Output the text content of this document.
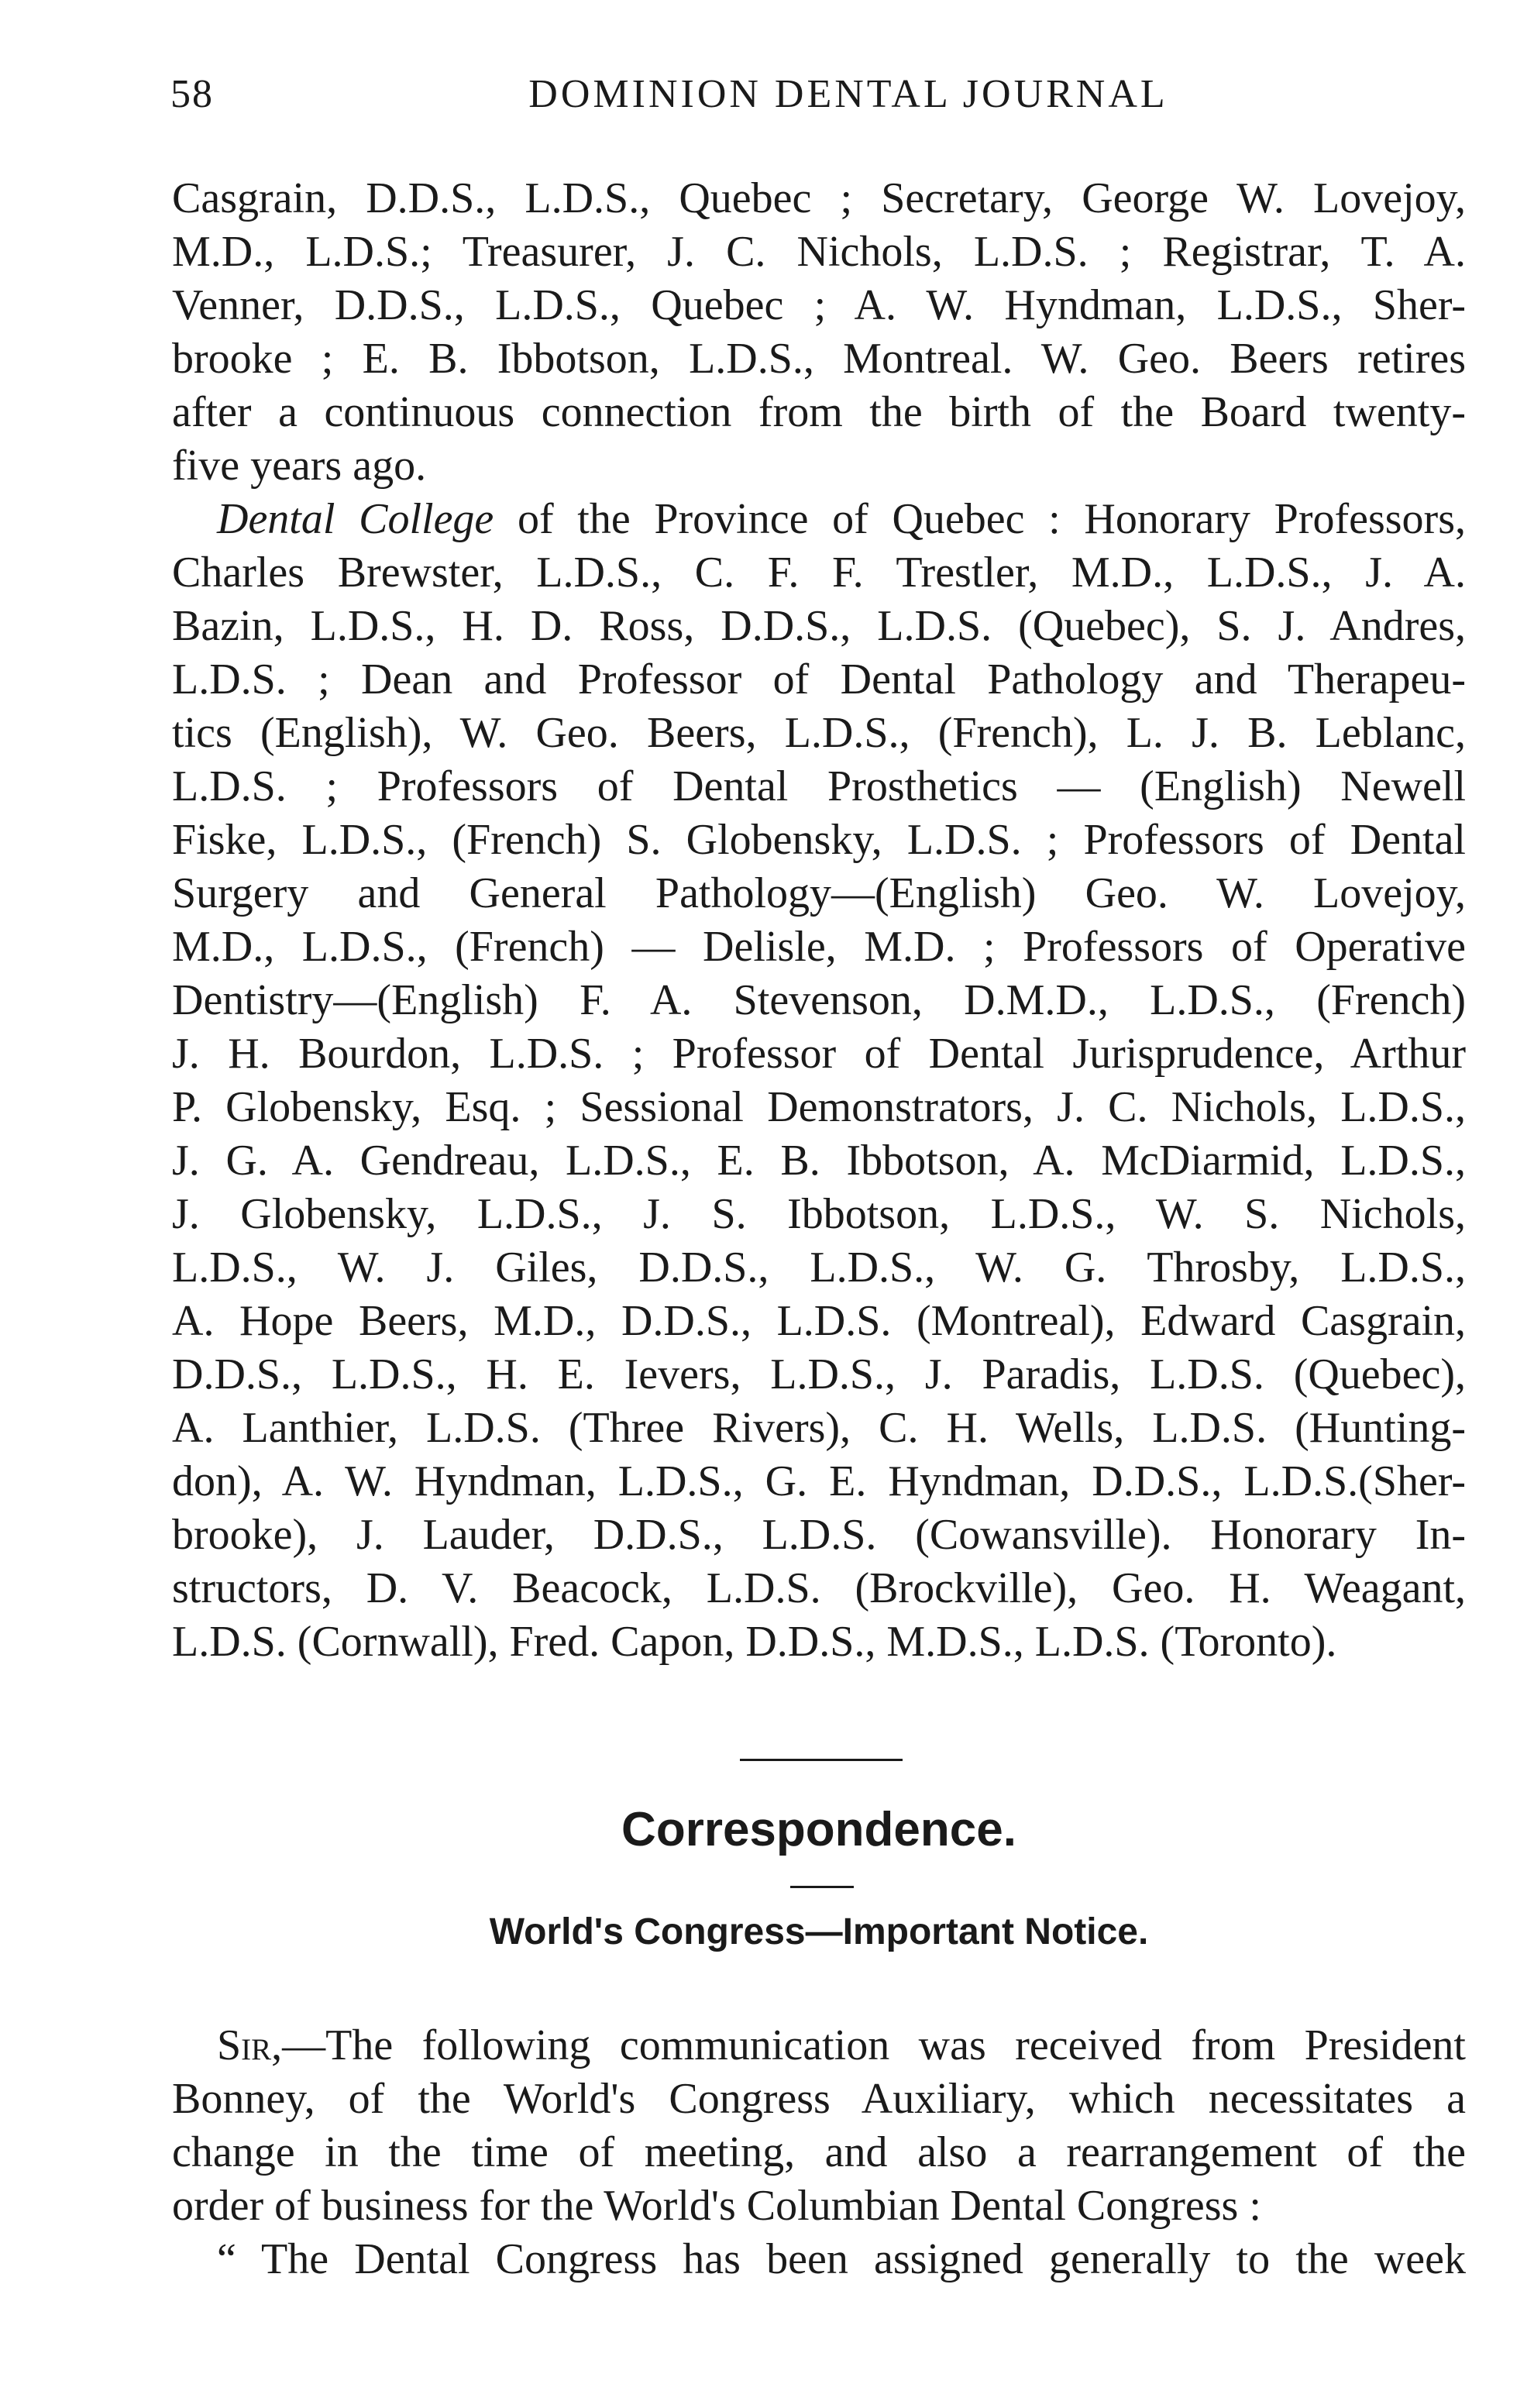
58	DOMINION DENTAL JOURNAL
Casgrain, D.D.S., L.D.S., Quebec ; Secretary, George W. Lovejoy,
M.D., L.D.S.; Treasurer, J. C. Nichols, L.D.S. ; Registrar, T. A.
Venner, D.D.S., L.D.S., Quebec ; A. W. Hyndman, L.D.S., Sher-
brooke ; E. B. Ibbotson, L.D.S., Montreal. W. Geo. Beers retires
after a continuous connection from the birth of the Board twenty-
five years ago.
Dental College of the Province of Quebec : Honorary Professors,
Charles Brewster, L.D.S., C. F. F. Trestler, M.D., L.D.S., J. A.
Bazin, L.D.S., H. D. Ross, D.D.S., L.D.S. (Quebec), S. J. Andres,
L.D.S. ; Dean and Professor of Dental Pathology and Therapeu-
tics (English), W. Geo. Beers, L.D.S., (French), L. J. B. Leblanc,
L.D.S. ; Professors of Dental Prosthetics — (English) Newell
Fiske, L.D.S., (French) S. Globensky, L.D.S. ; Professors of Dental
Surgery and General Pathology—(English) Geo. W. Lovejoy,
M.D., L.D.S., (French) — Delisle, M.D. ; Professors of Operative
Dentistry—(English) F. A. Stevenson, D.M.D., L.D.S., (French)
J. H. Bourdon, L.D.S. ; Professor of Dental Jurisprudence, Arthur
P. Globensky, Esq. ; Sessional Demonstrators, J. C. Nichols, L.D.S.,
J. G. A. Gendreau, L.D.S., E. B. Ibbotson, A. McDiarmid, L.D.S.,
J. Globensky, L.D.S., J. S. Ibbotson, L.D.S., W. S. Nichols,
L.D.S., W. J. Giles, D.D.S., L.D.S., W. G. Throsby, L.D.S.,
A. Hope Beers, M.D., D.D.S., L.D.S. (Montreal), Edward Casgrain,
D.D.S., L.D.S., H. E. Ievers, L.D.S., J. Paradis, L.D.S. (Quebec),
A. Lanthier, L.D.S. (Three Rivers), C. H. Wells, L.D.S. (Hunting-
don), A. W. Hyndman, L.D.S., G. E. Hyndman, D.D.S., L.D.S.(Sher-
brooke), J. Lauder, D.D.S., L.D.S. (Cowansville). Honorary In-
structors, D. V. Beacock, L.D.S. (Brockville), Geo. H. Weagant,
L.D.S. (Cornwall), Fred. Capon, D.D.S., M.D.S., L.D.S. (Toronto).
Correspondence.
World's Congress—Important Notice.
Sir,—The following communication was received from President
Bonney, of the World's Congress Auxiliary, which necessitates a
change in the time of meeting, and also a rearrangement of the
order of business for the World's Columbian Dental Congress :
“ The Dental Congress has been assigned generally to the week
